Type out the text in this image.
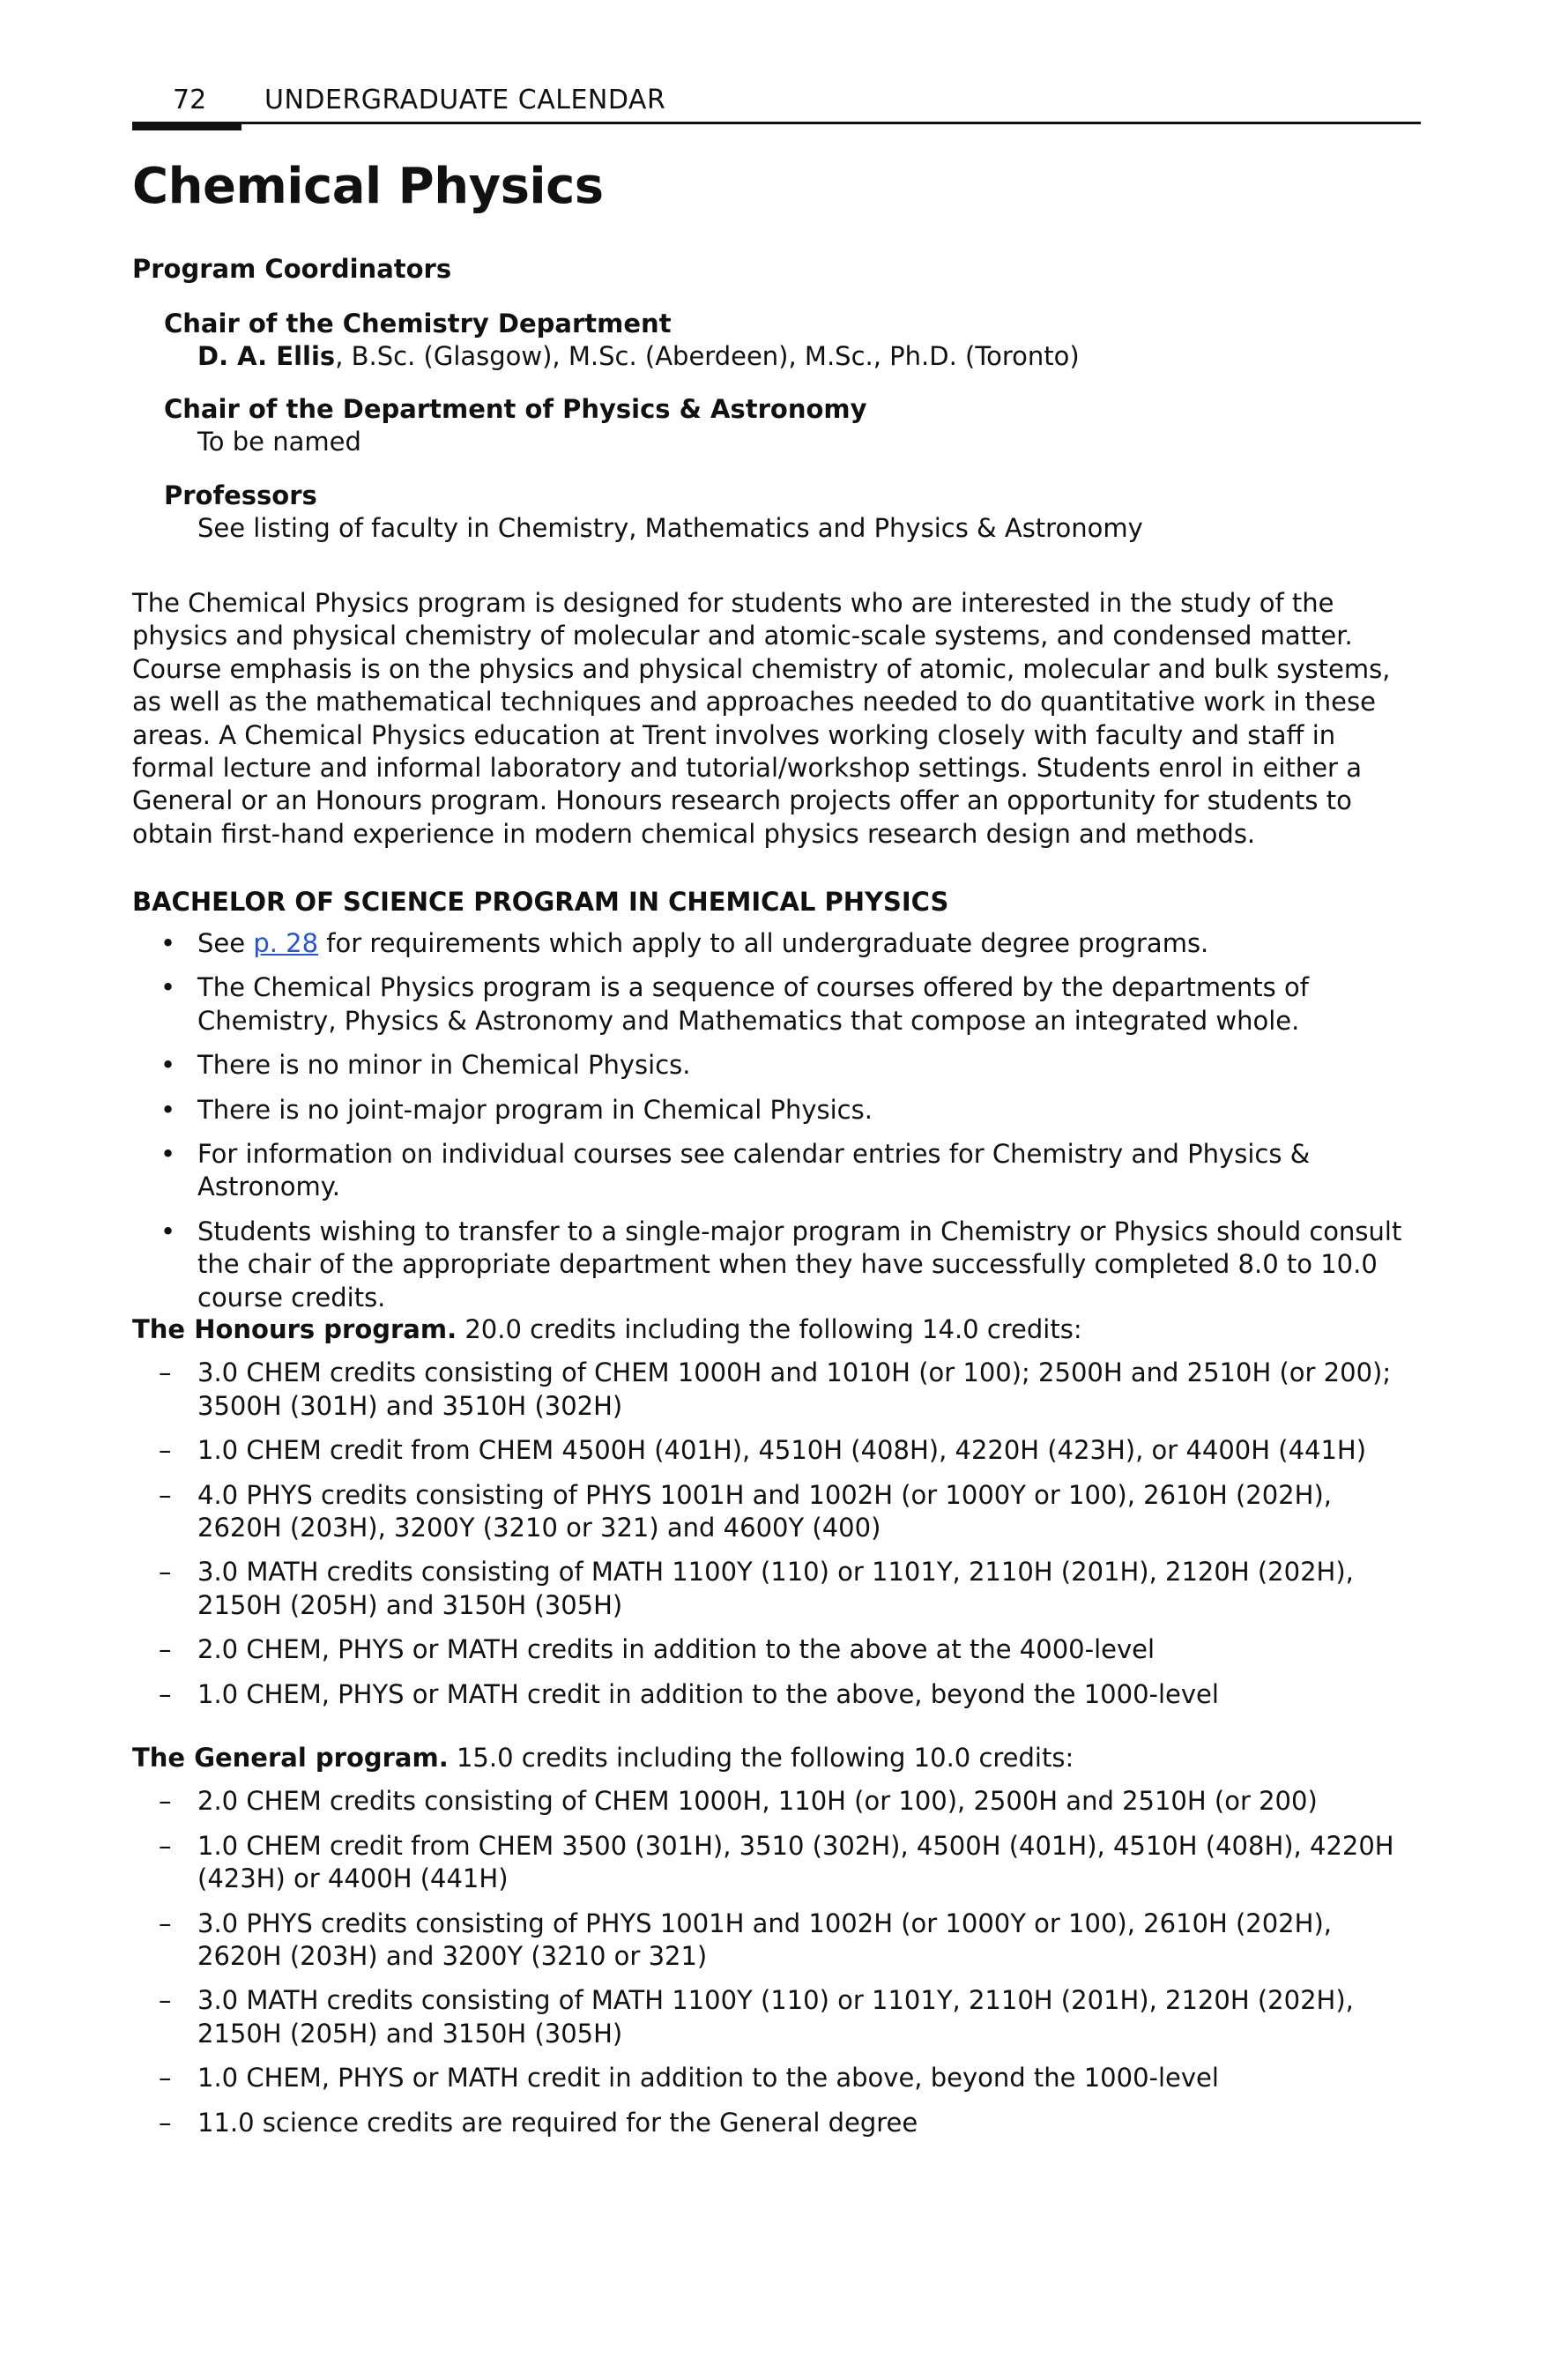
72 UNDERGRADUATE CALENDAR
Chemical Physics

Program Coordinators

Chair of the Chemistry Department

D. A. Ellis, B.Sc. (Glasgow), M.Sc. (Aberdeen), M.Sc., Ph.D. (Toronto)

Chair of the Department of Physics & Astronomy

To be named

Professors

See listing of faculty in Chemistry, Mathematics and Physics & Astronomy

The Chemical Physics program is designed for students who are interested in the study of the physics and physical chemistry of molecular and atomic-scale systems, and condensed matter. Course emphasis is on the physics and physical chemistry of atomic, molecular and bulk systems, as well as the mathematical techniques and approaches needed to do quantitative work in these areas. A Chemical Physics education at Trent involves working closely with faculty and staff in formal lecture and informal laboratory and tutorial/workshop settings. Students enrol in either a General or an Honours program. Honours research projects offer an opportunity for students to obtain first-hand experience in modern chemical physics research design and methods.

BACHELOR OF SCIENCE PROGRAM IN CHEMICAL PHYSICS

• See p. 28 for requirements which apply to all undergraduate degree programs.
• The Chemical Physics program is a sequence of courses offered by the departments of Chemistry, Physics & Astronomy and Mathematics that compose an integrated whole.
• There is no minor in Chemical Physics.
• There is no joint-major program in Chemical Physics.
• For information on individual courses see calendar entries for Chemistry and Physics & Astronomy.
• Students wishing to transfer to a single-major program in Chemistry or Physics should consult the chair of the appropriate department when they have successfully completed 8.0 to 10.0 course credits.

The Honours program. 20.0 credits including the following 14.0 credits:

– 3.0 CHEM credits consisting of CHEM 1000H and 1010H (or 100); 2500H and 2510H (or 200); 3500H (301H) and 3510H (302H)
– 1.0 CHEM credit from CHEM 4500H (401H), 4510H (408H), 4220H (423H), or 4400H (441H)
– 4.0 PHYS credits consisting of PHYS 1001H and 1002H (or 1000Y or 100), 2610H (202H), 2620H (203H), 3200Y (3210 or 321) and 4600Y (400)
– 3.0 MATH credits consisting of MATH 1100Y (110) or 1101Y, 2110H (201H), 2120H (202H), 2150H (205H) and 3150H (305H)
– 2.0 CHEM, PHYS or MATH credits in addition to the above at the 4000-level
– 1.0 CHEM, PHYS or MATH credit in addition to the above, beyond the 1000-level

The General program. 15.0 credits including the following 10.0 credits:

– 2.0 CHEM credits consisting of CHEM 1000H, 110H (or 100), 2500H and 2510H (or 200)
– 1.0 CHEM credit from CHEM 3500 (301H), 3510 (302H), 4500H (401H), 4510H (408H), 4220H (423H) or 4400H (441H)
– 3.0 PHYS credits consisting of PHYS 1001H and 1002H (or 1000Y or 100), 2610H (202H), 2620H (203H) and 3200Y (3210 or 321)
– 3.0 MATH credits consisting of MATH 1100Y (110) or 1101Y, 2110H (201H), 2120H (202H), 2150H (205H) and 3150H (305H)
– 1.0 CHEM, PHYS or MATH credit in addition to the above, beyond the 1000-level
– 11.0 science credits are required for the General degree
